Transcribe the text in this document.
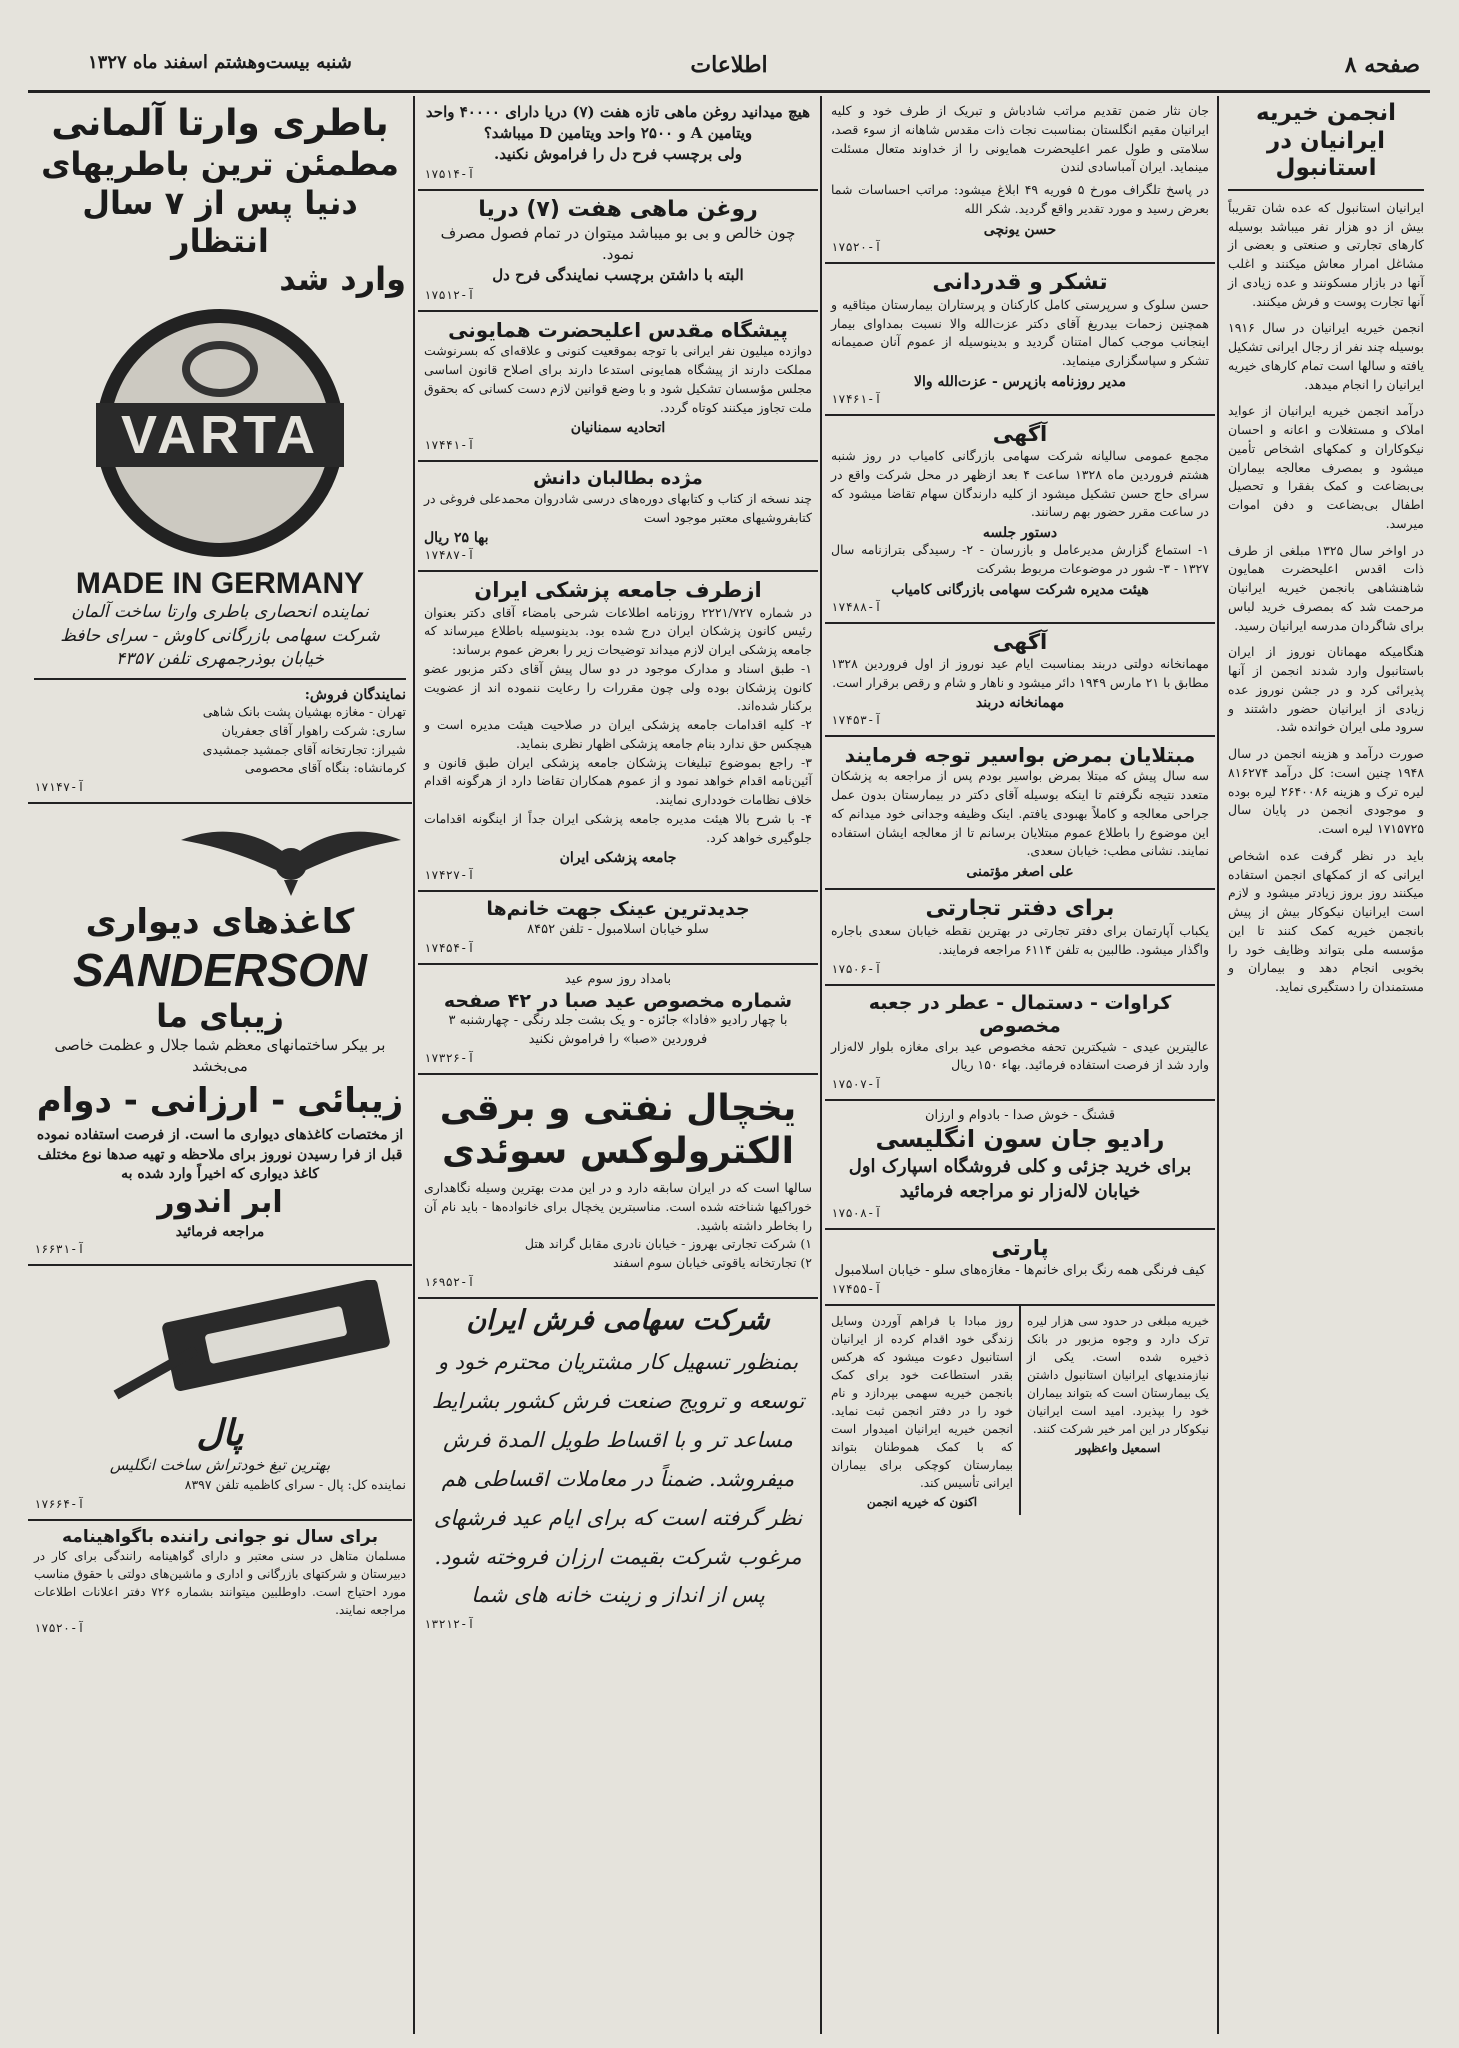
صفحه ۸
اطلاعات
شنبه بیست‌وهشتم اسفند ماه ۱۳۲۷
انجمن خیریه ایرانیان در استانبول
ایرانیان استانبول که عده شان تقریباً بیش از دو هزار نفر میباشد بوسیله کارهای تجارتی و صنعتی و بعضی از مشاغل امرار معاش میکنند و اغلب آنها در بازار مسکونند و عده زیادی از آنها تجارت پوست و فرش میکنند.
انجمن خیریه ایرانیان در سال ۱۹۱۶ بوسیله چند نفر از رجال ایرانی تشکیل یافته و سالها است تمام کارهای خیریه ایرانیان را انجام میدهد.
درآمد انجمن خیریه ایرانیان از عواید املاک و مستغلات و اعانه و احسان نیکوکاران و کمکهای اشخاص تأمین میشود و بمصرف معالجه بیماران بی‌بضاعت و کمک بفقرا و تحصیل اطفال بی‌بضاعت و دفن اموات میرسد.
در اواخر سال ۱۳۲۵ مبلغی از طرف ذات اقدس اعلیحضرت همایون شاهنشاهی بانجمن خیریه ایرانیان مرحمت شد که بمصرف خرید لباس برای شاگردان مدرسه ایرانیان رسید.
هنگامیکه مهمانان نوروز از ایران باستانبول وارد شدند انجمن از آنها پذیرائی کرد و در جشن نوروز عده زیادی از ایرانیان حضور داشتند و سرود ملی ایران خوانده شد.
صورت درآمد و هزینه انجمن در سال ۱۹۴۸ چنین است: کل درآمد ۸۱۶۲۷۴ لیره ترک و هزینه ۲۶۴۰۰۸۶ لیره بوده و موجودی انجمن در پایان سال ۱۷۱۵۷۲۵ لیره است.
باید در نظر گرفت عده اشخاص ایرانی که از کمکهای انجمن استفاده میکنند روز بروز زیادتر میشود و لازم است ایرانیان نیکوکار بیش از پیش بانجمن خیریه کمک کنند تا این مؤسسه ملی بتواند وظایف خود را بخوبی انجام دهد و بیماران و مستمندان را دستگیری نماید.
جان نثار ضمن تقدیم مراتب شادباش و تبریک از طرف خود و کلیه ایرانیان مقیم انگلستان بمناسبت نجات ذات مقدس شاهانه از سوء قصد، سلامتی و طول عمر اعلیحضرت همایونی را از خداوند متعال مسئلت مینماید. ایران آمباسادی لندن
در پاسخ تلگراف مورخ ۵ فوریه ۴۹ ابلاغ میشود: مراتب احساسات شما بعرض رسید و مورد تقدیر واقع گردید. شکر الله
حسن یونچی
۱۷۵۲۰-آ
تشکر و قدردانی
حسن سلوک و سرپرستی کامل کارکنان و پرستاران بیمارستان میثاقیه و همچنین زحمات بیدریغ آقای دکتر عزت‌الله والا نسبت بمداوای بیمار اینجانب موجب کمال امتنان گردید و بدینوسیله از عموم آنان صمیمانه تشکر و سپاسگزاری مینماید.
مدیر روزنامه بازپرس - عزت‌الله والا
۱۷۴۶۱-آ
آگهی
مجمع عمومی سالیانه شرکت سهامی بازرگانی کامیاب در روز شنبه هشتم فروردین ماه ۱۳۲۸ ساعت ۴ بعد ازظهر در محل شرکت واقع در سرای حاج حسن تشکیل میشود از کلیه دارندگان سهام تقاضا میشود که در ساعت مقرر حضور بهم رسانند.
دستور جلسه
۱- استماع گزارش مدیرعامل و بازرسان - ۲- رسیدگی بترازنامه سال ۱۳۲۷ - ۳- شور در موضوعات مربوط بشرکت
هیئت مدیره شرکت سهامی بازرگانی کامیاب
۱۷۴۸۸-آ
آگهی
مهمانخانه دولتی دربند بمناسبت ایام عید نوروز از اول فروردین ۱۳۲۸ مطابق با ۲۱ مارس ۱۹۴۹ دائر میشود و ناهار و شام و رقص برقرار است.
مهمانخانه دربند
۱۷۴۵۳-آ
مبتلایان بمرض بواسیر توجه فرمایند
سه سال پیش که مبتلا بمرض بواسیر بودم پس از مراجعه به پزشکان متعدد نتیجه نگرفتم تا اینکه بوسیله آقای دکتر در بیمارستان بدون عمل جراحی معالجه و کاملاً بهبودی یافتم. اینک وظیفه وجدانی خود میدانم که این موضوع را باطلاع عموم مبتلایان برسانم تا از معالجه ایشان استفاده نمایند. نشانی مطب: خیابان سعدی.
علی اصغر مؤتمنی
برای دفتر تجارتی
یکباب آپارتمان برای دفتر تجارتی در بهترین نقطه خیابان سعدی باجاره واگذار میشود. طالبین به تلفن ۶۱۱۴ مراجعه فرمایند.
۱۷۵۰۶-آ
کراوات - دستمال - عطر در جعبه مخصوص
عالیترین عیدی - شیکترین تحفه مخصوص عید برای مغازه بلوار لاله‌زار وارد شد از فرصت استفاده فرمائید. بهاء ۱۵۰ ریال
۱۷۵۰۷-آ
قشنگ - خوش صدا - بادوام و ارزان
رادیو جان سون انگلیسی
برای خرید جزئی و کلی فروشگاه اسپارک اول خیابان لاله‌زار نو مراجعه فرمائید
۱۷۵۰۸-آ
پارتی
کیف فرنگی همه رنگ برای خانم‌ها - مغازه‌های سلو - خیابان اسلامبول
۱۷۴۵۵-آ
خیریه مبلغی در حدود سی هزار لیره ترک دارد و وجوه مزبور در بانک ذخیره شده است. یکی از نیازمندیهای ایرانیان استانبول داشتن یک بیمارستان است که بتواند بیماران خود را بپذیرد. امید است ایرانیان نیکوکار در این امر خیر شرکت کنند.
اسمعیل واعظپور
روز مبادا با فراهم آوردن وسایل زندگی خود اقدام کرده از ایرانیان استانبول دعوت میشود که هرکس بقدر استطاعت خود برای کمک بانجمن خیریه سهمی بپردازد و نام خود را در دفتر انجمن ثبت نماید. انجمن خیریه ایرانیان امیدوار است که با کمک هموطنان بتواند بیمارستان کوچکی برای بیماران ایرانی تأسیس کند.
اکنون که خیریه انجمن
هیچ میدانید روغن ماهی تازه هفت (۷) دریا دارای ۴۰۰۰۰ واحد ویتامین A و ۲۵۰۰ واحد ویتامین D میباشد؟
ولی برچسب فرح دل را فراموش نکنید.
۱۷۵۱۴-آ
روغن ماهی هفت (۷) دریا
چون خالص و بی بو میباشد میتوان در تمام فصول مصرف نمود.
البته با داشتن برچسب نمایندگی فرح دل
۱۷۵۱۲-آ
پیشگاه مقدس اعلیحضرت همایونی
دوازده میلیون نفر ایرانی با توجه بموقعیت کنونی و علاقه‌ای که بسرنوشت مملکت دارند از پیشگاه همایونی استدعا دارند برای اصلاح قانون اساسی مجلس مؤسسان تشکیل شود و با وضع قوانین لازم دست کسانی که بحقوق ملت تجاوز میکنند کوتاه گردد.
اتحادیه سمنانیان
۱۷۴۴۱-آ
مژده بطالبان دانش
چند نسخه از کتاب و کتابهای دوره‌های درسی شادروان محمدعلی فروغی در کتابفروشیهای معتبر موجود است
بها ۲۵ ریال
۱۷۴۸۷-آ
ازطرف جامعه پزشکی ایران
در شماره ۲۲۲۱/۷۲۷ روزنامه اطلاعات شرحی بامضاء آقای دکتر بعنوان رئیس کانون پزشکان ایران درج شده بود. بدینوسیله باطلاع میرساند که جامعه پزشکی ایران لازم میداند توضیحات زیر را بعرض عموم برساند:
۱- طبق اسناد و مدارک موجود در دو سال پیش آقای دکتر مزبور عضو کانون پزشکان بوده ولی چون مقررات را رعایت ننموده اند از عضویت برکنار شده‌اند.
۲- کلیه اقدامات جامعه پزشکی ایران در صلاحیت هیئت مدیره است و هیچکس حق ندارد بنام جامعه پزشکی اظهار نظری بنماید.
۳- راجع بموضوع تبلیغات پزشکان جامعه پزشکی ایران طبق قانون و آئین‌نامه اقدام خواهد نمود و از عموم همکاران تقاضا دارد از هرگونه اقدام خلاف نظامات خودداری نمایند.
۴- با شرح بالا هیئت مدیره جامعه پزشکی ایران جداً از اینگونه اقدامات جلوگیری خواهد کرد.
جامعه پزشکی ایران
۱۷۴۲۷-آ
جدیدترین عینک جهت خانم‌ها
سلو خیابان اسلامبول - تلفن ۸۴۵۲
۱۷۴۵۴-آ
بامداد روز سوم عید
شماره مخصوص عید صبا در ۴۲ صفحه
با چهار رادیو «فادا» جائزه - و یک بشت جلد رنگی - چهارشنبه ۳ فروردین «صبا» را فراموش نکنید
۱۷۳۲۶-آ
یخچال نفتی و برقی
الکترولوکس سوئدی
سالها است که در ایران سابقه دارد و در این مدت بهترین وسیله نگاهداری خوراکیها شناخته شده است. مناسبترین یخچال برای خانواده‌ها - باید نام آن را بخاطر داشته باشید.
۱) شرکت تجارتی بهروز - خیابان نادری مقابل گراند هتل
۲) تجارتخانه یاقوتی خیابان سوم اسفند
۱۶۹۵۲-آ
شرکت سهامی فرش ایران
بمنظور تسهیل کار مشتریان محترم خود و توسعه و ترویج صنعت فرش کشور بشرایط مساعد تر و با اقساط طویل المدة فرش میفروشد. ضمناً در معاملات اقساطی هم نظر گرفته است که برای ایام عید فرشهای مرغوب شرکت بقیمت ارزان فروخته شود. پس از انداز و زینت خانه های شما
۱۳۲۱۲-آ
باطری وارتا آلمانی
مطمئن ترین باطریهای
دنیا پس از ۷ سال انتظار
وارد شد
VARTA
MADE IN GERMANY
نماینده انحصاری باطری وارتا ساخت آلمان
شرکت سهامی بازرگانی کاوش - سرای حافظ
خیابان بوذرجمهری تلفن ۴۳۵۷
نمایندگان فروش:
تهران - مغازه بهشیان پشت بانک شاهی
ساری: شرکت راهوار آقای جعفریان
شیراز: تجارتخانه آقای جمشید جمشیدی
کرمانشاه: بنگاه آقای محصومی
۱۷۱۴۷-آ
کاغذهای دیواری
SANDERSON
زیبای ما
بر بیکر ساختمانهای معظم شما جلال و عظمت خاصی می‌بخشد
زیبائی - ارزانی - دوام
از مختصات کاغذهای دیواری ما است. از فرصت استفاده نموده قبل از فرا رسیدن نوروز برای ملاحظه و تهیه صدها نوع مختلف کاغذ دیواری که اخیراً وارد شده به
ابر اندور
مراجعه فرمائید
۱۶۶۳۱-آ
پال
بهترین تیغ خودتراش ساخت انگلیس
نماینده کل: پال - سرای کاظمیه تلفن ۸۳۹۷
۱۷۶۶۴-آ
برای سال نو جوانی راننده باگواهینامه
مسلمان متاهل در سنی معتبر و دارای گواهینامه رانندگی برای کار در دبیرستان و شرکتهای بازرگانی و اداری و ماشین‌های دولتی با حقوق مناسب مورد احتیاج است. داوطلبین میتوانند بشماره ۷۲۶ دفتر اعلانات اطلاعات مراجعه نمایند.
۱۷۵۲۰-آ
